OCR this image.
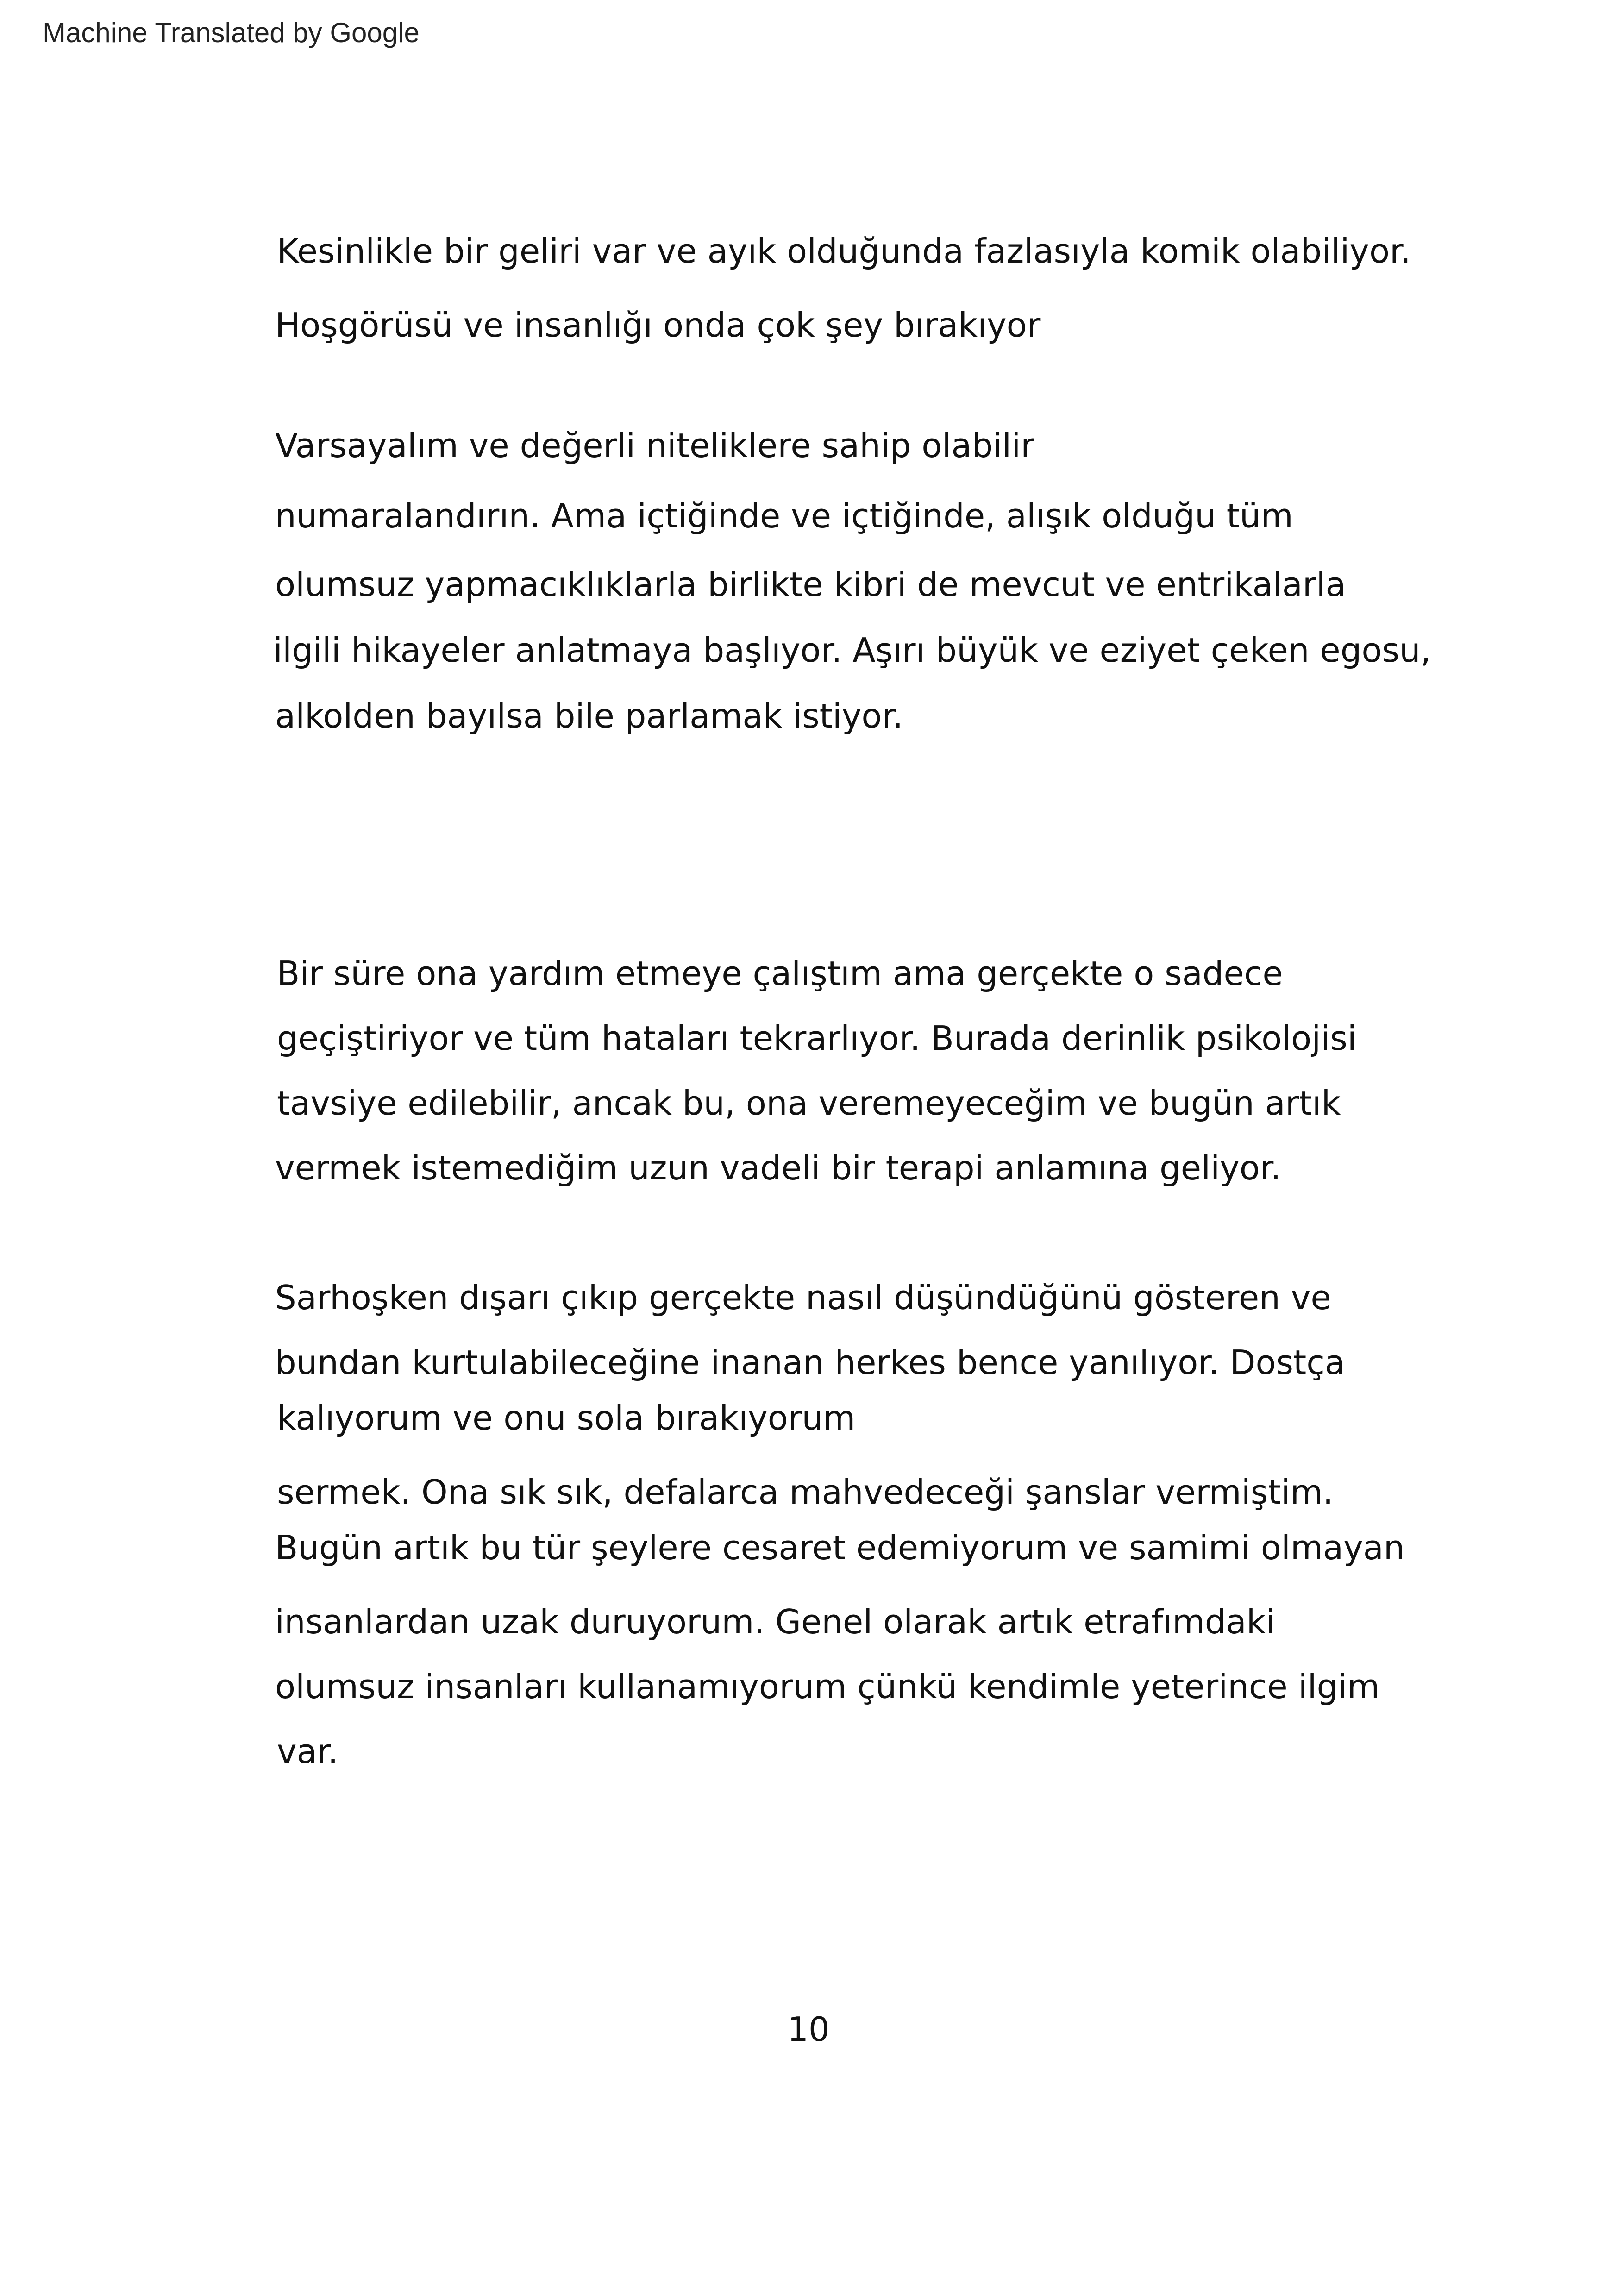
Machine Translated by Google
Kesinlikle bir geliri var ve ayık olduğunda fazlasıyla komik olabiliyor.
Hoşgörüsü ve insanlığı onda çok şey bırakıyor
Varsayalım ve değerli niteliklere sahip olabilir
numaralandırın. Ama içtiğinde ve içtiğinde, alışık olduğu tüm
olumsuz yapmacıklıklarla birlikte kibri de mevcut ve entrikalarla
ilgili hikayeler anlatmaya başlıyor. Aşırı büyük ve eziyet çeken egosu,
alkolden bayılsa bile parlamak istiyor.
Bir süre ona yardım etmeye çalıştım ama gerçekte o sadece
geçiştiriyor ve tüm hataları tekrarlıyor. Burada derinlik psikolojisi
tavsiye edilebilir, ancak bu, ona veremeyeceğim ve bugün artık
vermek istemediğim uzun vadeli bir terapi anlamına geliyor.
Sarhoşken dışarı çıkıp gerçekte nasıl düşündüğünü gösteren ve
bundan kurtulabileceğine inanan herkes bence yanılıyor. Dostça
kalıyorum ve onu sola bırakıyorum
sermek. Ona sık sık, defalarca mahvedeceği şanslar vermiştim.
Bugün artık bu tür şeylere cesaret edemiyorum ve samimi olmayan
insanlardan uzak duruyorum. Genel olarak artık etrafımdaki
olumsuz insanları kullanamıyorum çünkü kendimle yeterince ilgim
var.
10
